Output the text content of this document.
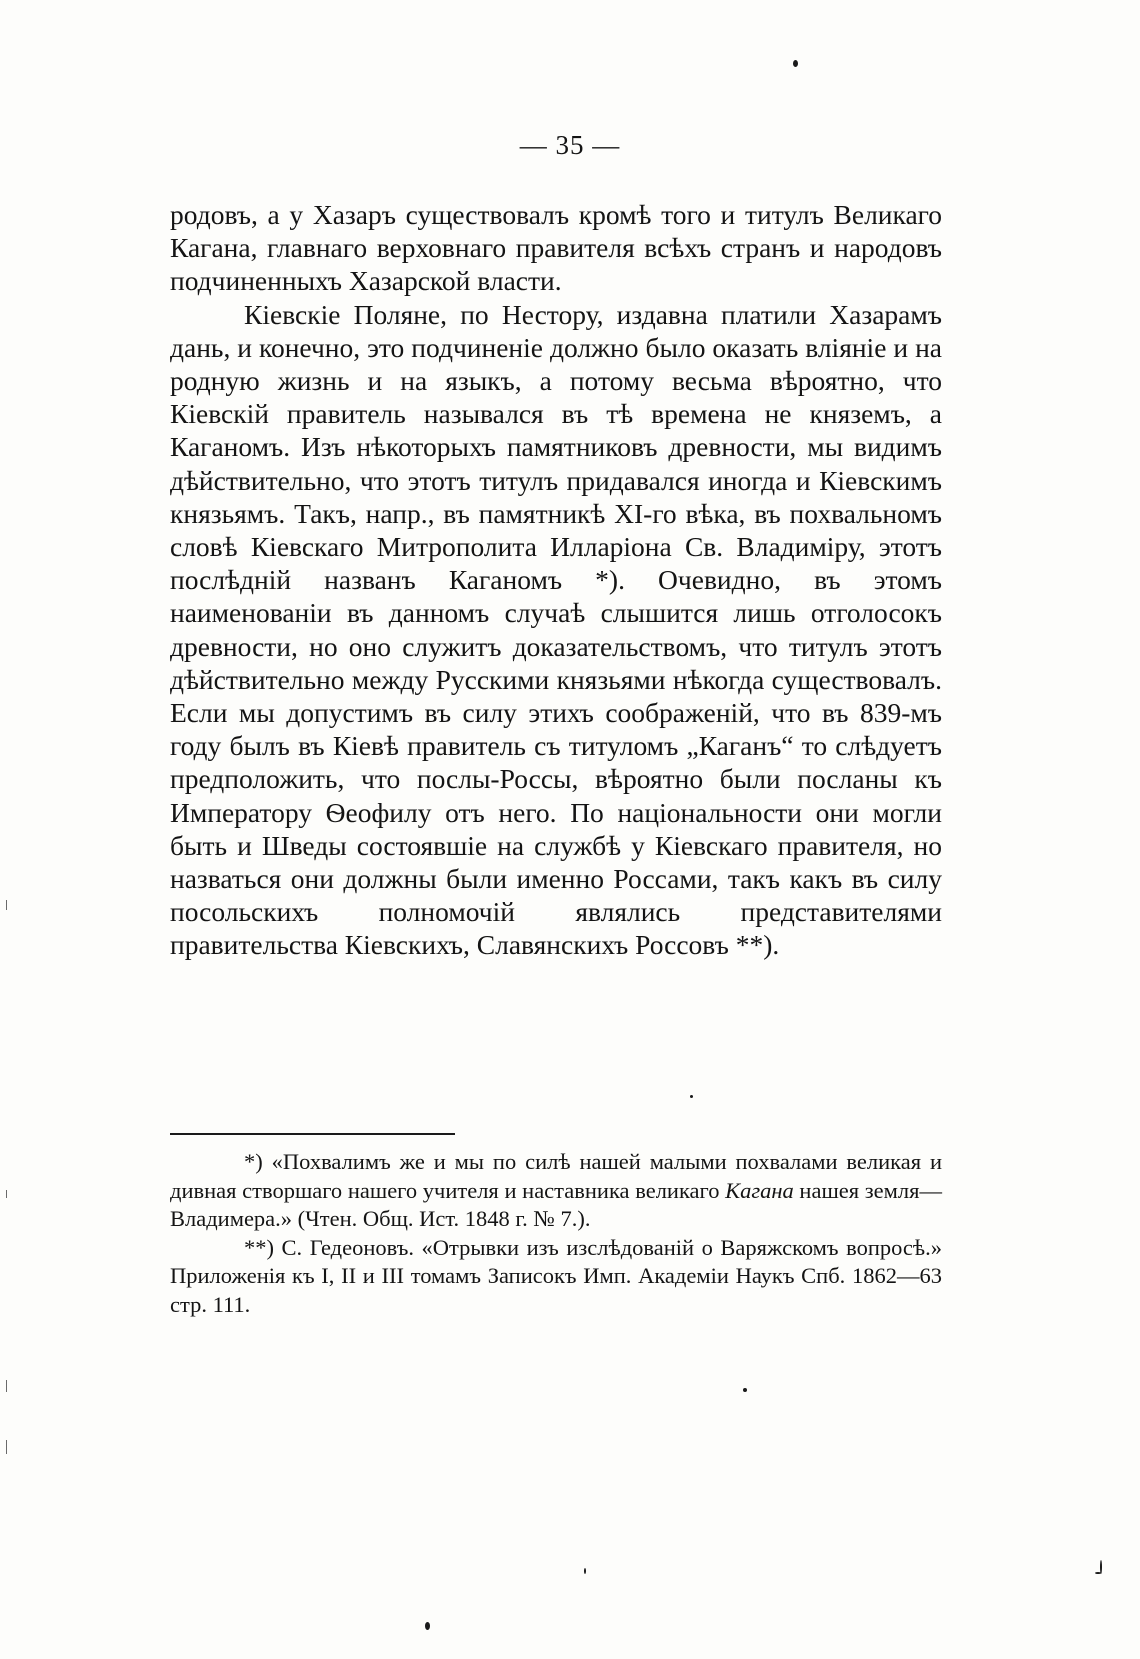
— 35 —

родовъ, а у Хазаръ существовалъ кромѣ того и титулъ Великаго Кагана, главнаго верховнаго правителя всѣхъ странъ и народовъ подчиненныхъ Хазарской власти.

Кіевскіе Поляне, по Нестору, издавна платили Хазарамъ дань, и конечно, это подчиненіе должно было оказать вліяніе и на родную жизнь и на языкъ, а потому весьма вѣроятно, что Кіевскій правитель назывался въ тѣ времена не княземъ, а Каганомъ. Изъ нѣкоторыхъ памятниковъ древности, мы видимъ дѣйствительно, что этотъ титулъ придавался иногда и Кіевскимъ князьямъ. Такъ, напр., въ памятникѣ XI-го вѣка, въ похвальномъ словѣ Кіевскаго Митрополита Илларіона Св. Владиміру, этотъ послѣдній названъ Каганомъ *). Очевидно, въ этомъ наименованіи въ данномъ случаѣ слышится лишь отголосокъ древности, но оно служитъ доказательствомъ, что титулъ этотъ дѣйствительно между Русскими князьями нѣкогда существовалъ. Если мы допустимъ въ силу этихъ соображеній, что въ 839-мъ году былъ въ Кіевѣ правитель съ титуломъ „Каганъ“ то слѣдуетъ предположить, что послы-Россы, вѣроятно были посланы къ Императору Ѳеофилу отъ него. По національности они могли быть и Шведы состоявшіе на службѣ у Кіевскаго правителя, но назваться они должны были именно Россами, такъ какъ въ силу посольскихъ полномочій являлись представителями правительства Кіевскихъ, Славянскихъ Россовъ **).

*) «Похвалимъ же и мы по силѣ нашей малыми похвалами великая и дивная створшаго нашего учителя и наставника великаго Кагана нашея земля—Владимера.» (Чтен. Общ. Ист. 1848 г. № 7.).

**) С. Гедеоновъ. «Отрывки изъ изслѣдованій о Варяжскомъ вопросѣ.» Приложенія къ I, II и III томамъ Записокъ Имп. Академіи Наукъ Спб. 1862—63 стр. 111.
